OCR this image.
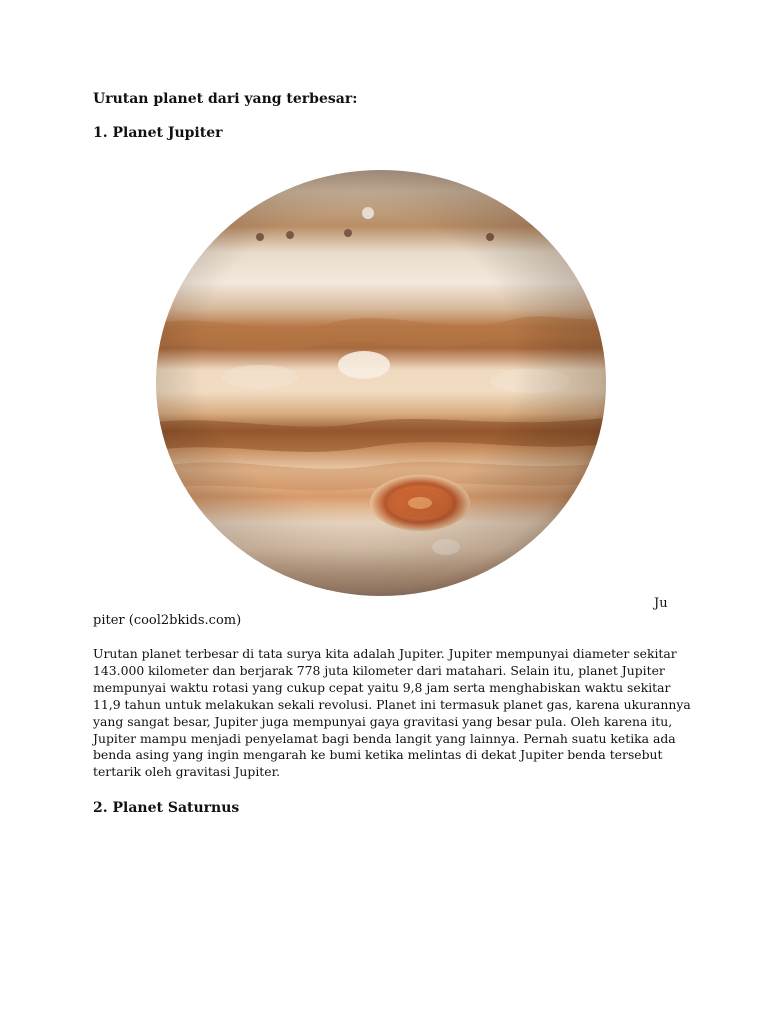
Urutan planet dari yang terbesar:
1. Planet Jupiter
Ju
piter (cool2bkids.com)
Urutan planet terbesar di tata surya kita adalah Jupiter. Jupiter mempunyai diameter sekitar
143.000 kilometer dan berjarak 778 juta kilometer dari matahari. Selain itu, planet Jupiter
mempunyai waktu rotasi yang cukup cepat yaitu 9,8 jam serta menghabiskan waktu sekitar
11,9 tahun untuk melakukan sekali revolusi. Planet ini termasuk planet gas, karena ukurannya
yang sangat besar, Jupiter juga mempunyai gaya gravitasi yang besar pula. Oleh karena itu,
Jupiter mampu menjadi penyelamat bagi benda langit yang lainnya. Pernah suatu ketika ada
benda asing yang ingin mengarah ke bumi ketika melintas di dekat Jupiter benda tersebut
tertarik oleh gravitasi Jupiter.
2. Planet Saturnus
